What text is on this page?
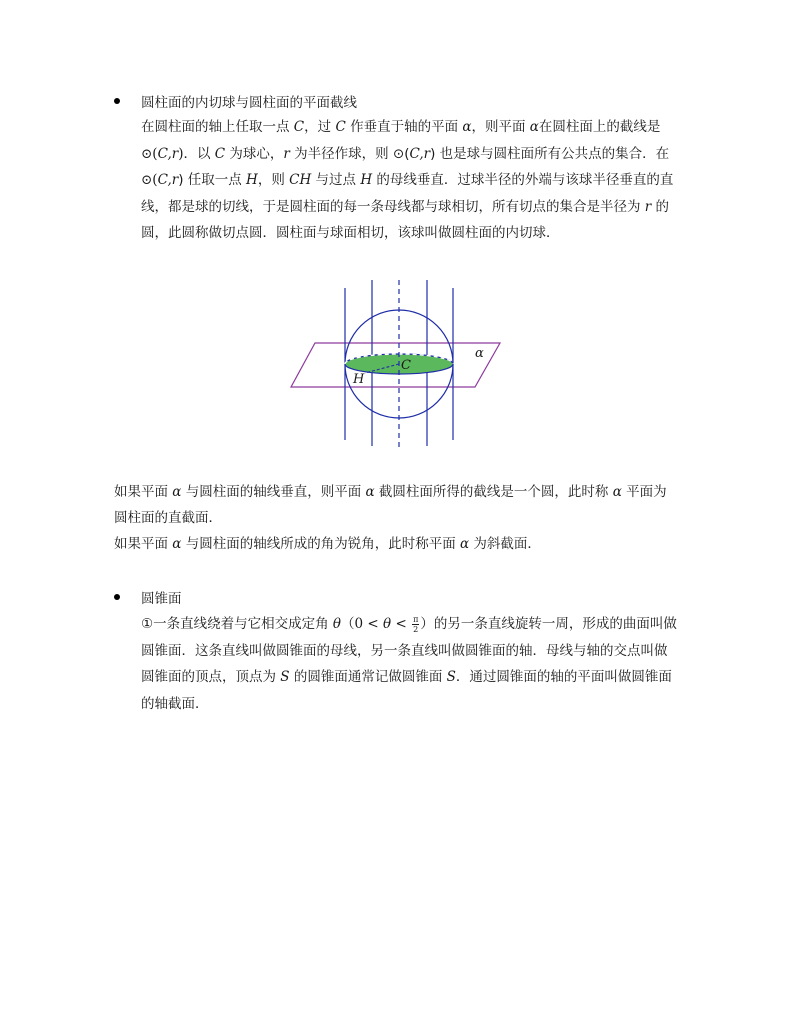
圆柱面的内切球与圆柱面的平面截线
在圆柱面的轴上任取一点 C，过 C 作垂直于轴的平面 α，则平面 α在圆柱面上的截线是
⊙(C,r)．以 C 为球心，r 为半径作球，则 ⊙(C,r) 也是球与圆柱面所有公共点的集合．在
⊙(C,r) 任取一点 H，则 CH 与过点 H 的母线垂直．过球半径的外端与该球半径垂直的直
线，都是球的切线，于是圆柱面的每一条母线都与球相切，所有切点的集合是半径为 r 的
圆，此圆称做切点圆．圆柱面与球面相切，该球叫做圆柱面的内切球．
α
C
H
如果平面 α 与圆柱面的轴线垂直，则平面 α 截圆柱面所得的截线是一个圆，此时称 α 平面为
圆柱面的直截面．
如果平面 α 与圆柱面的轴线所成的角为锐角，此时称平面 α 为斜截面．
圆锥面
①一条直线绕着与它相交成定角 $\theta(0 < \theta < \frac{\pi}{2}$ ）的另一条直线旋转一周，形成的曲面叫做
圆锥面．这条直线叫做圆锥面的母线，另一条直线叫做圆锥面的轴．母线与轴的交点叫做
圆锥面的顶点，顶点为 S 的圆锥面通常记做圆锥面 S．通过圆锥面的轴的平面叫做圆锥面
的轴截面．
